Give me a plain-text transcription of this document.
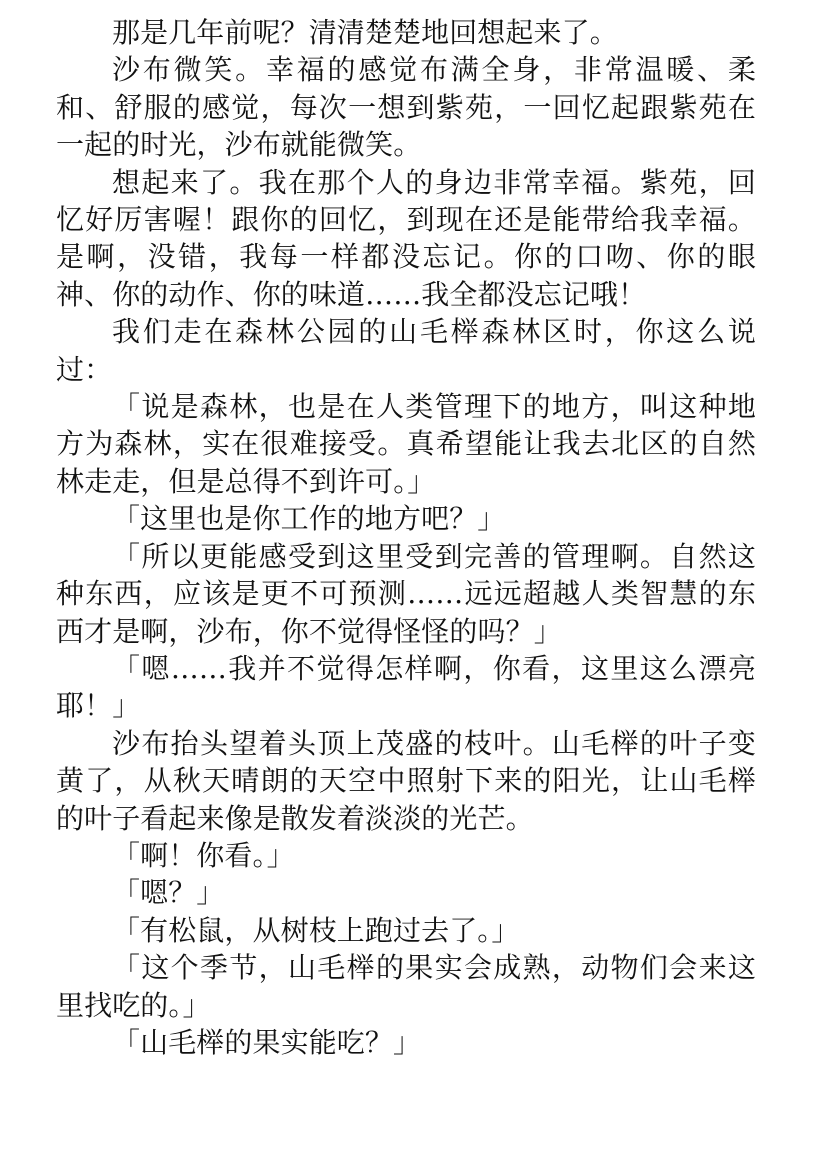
那是几年前呢？清清楚楚地回想起来了。

沙布微笑。幸福的感觉布满全身，非常温暖、柔和、舒服的感觉，每次一想到紫苑，一回忆起跟紫苑在一起的时光，沙布就能微笑。

想起来了。我在那个人的身边非常幸福。紫苑，回忆好厉害喔！跟你的回忆，到现在还是能带给我幸福。是啊，没错，我每一样都没忘记。你的口吻、你的眼神、你的动作、你的味道……我全都没忘记哦！

我们走在森林公园的山毛榉森林区时，你这么说过：

「说是森林，也是在人类管理下的地方，叫这种地方为森林，实在很难接受。真希望能让我去北区的自然林走走，但是总得不到许可。」

「这里也是你工作的地方吧？」

「所以更能感受到这里受到完善的管理啊。自然这种东西，应该是更不可预测……远远超越人类智慧的东西才是啊，沙布，你不觉得怪怪的吗？」

「嗯……我并不觉得怎样啊，你看，这里这么漂亮耶！」

沙布抬头望着头顶上茂盛的枝叶。山毛榉的叶子变黄了，从秋天晴朗的天空中照射下来的阳光，让山毛榉的叶子看起来像是散发着淡淡的光芒。

「啊！你看。」

「嗯？」

「有松鼠，从树枝上跑过去了。」

「这个季节，山毛榉的果实会成熟，动物们会来这里找吃的。」

「山毛榉的果实能吃？」
